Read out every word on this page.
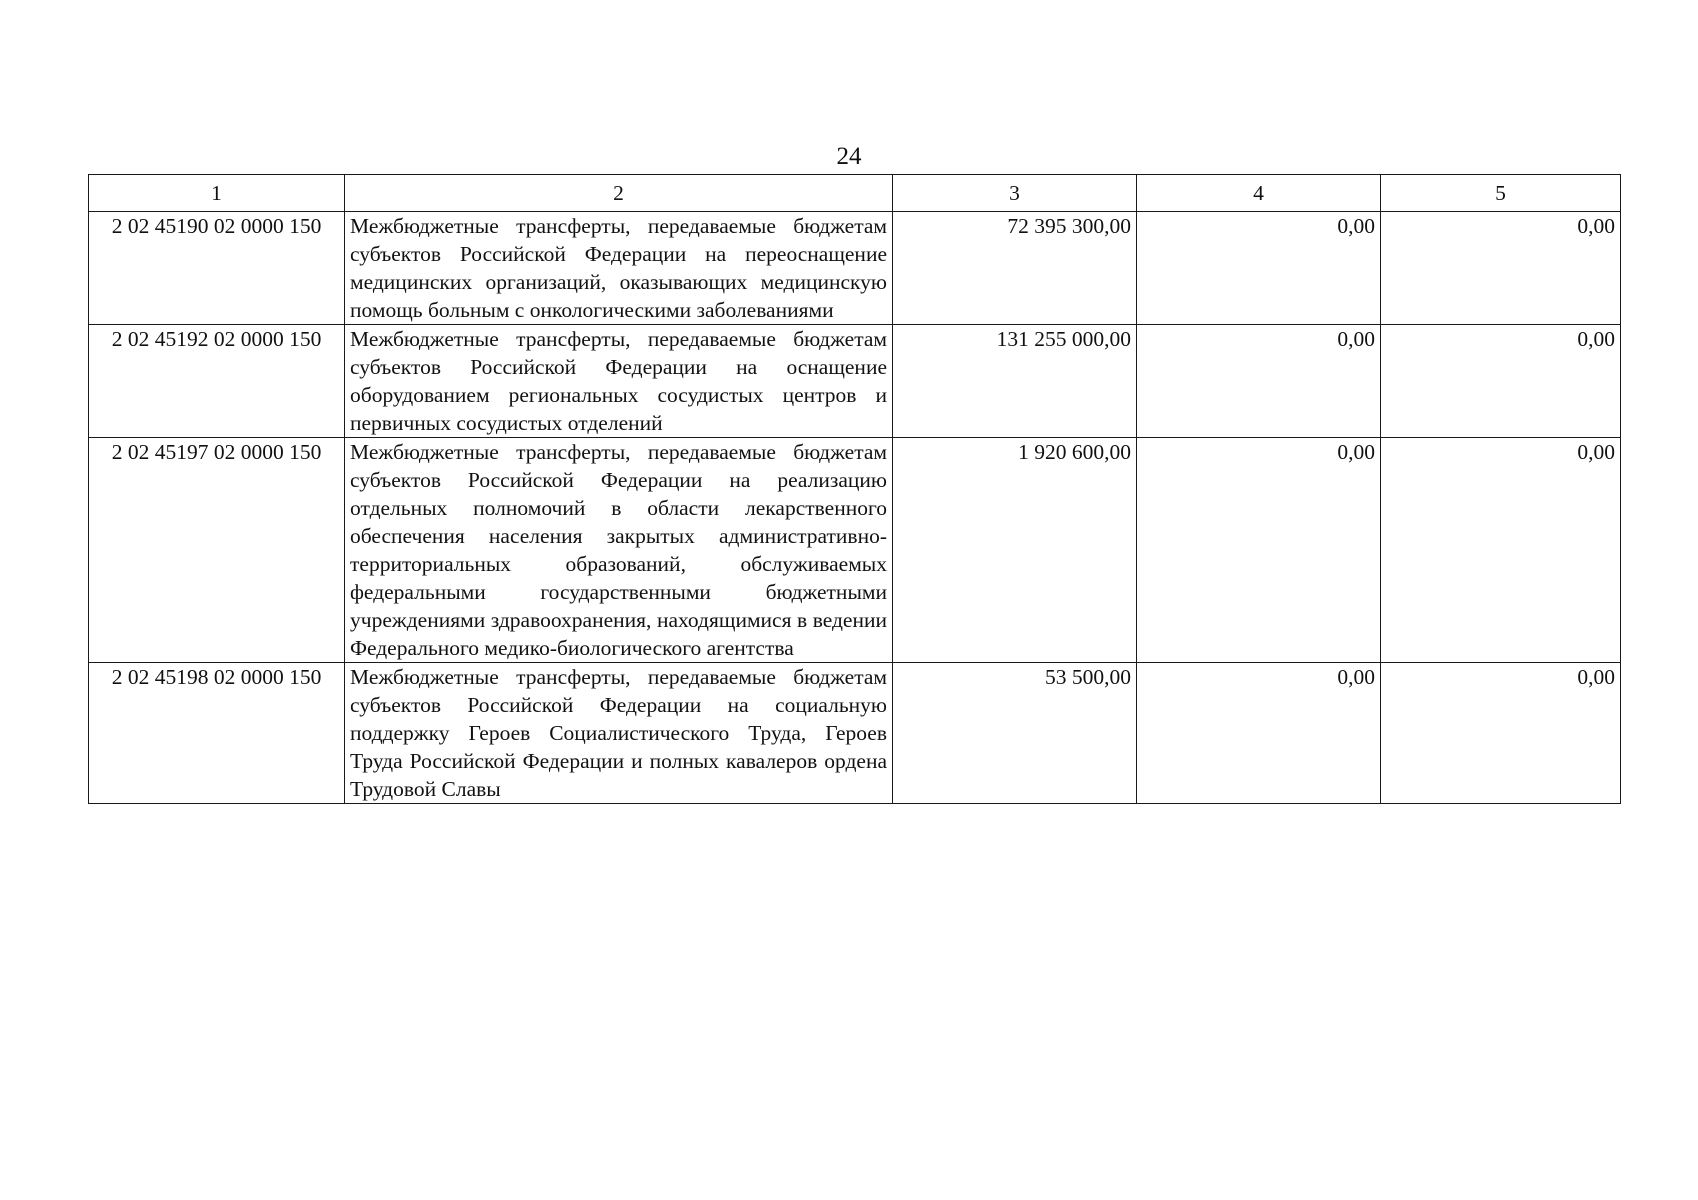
24
1	2	3	4	5
2 02 45190 02 0000 150	Межбюджетные трансферты, передаваемые бюджетам субъектов Российской Федерации на переоснащение медицинских организаций, оказывающих медицинскую помощь больным с онкологическими заболеваниями	72 395 300,00	0,00	0,00
2 02 45192 02 0000 150	Межбюджетные трансферты, передаваемые бюджетам субъектов Российской Федерации на оснащение оборудованием региональных сосудистых центров и первичных сосудистых отделений	131 255 000,00	0,00	0,00
2 02 45197 02 0000 150	Межбюджетные трансферты, передаваемые бюджетам субъектов Российской Федерации на реализацию отдельных полномочий в области лекарственного обеспечения населения закрытых административно-территориальных образований, обслуживаемых федеральными государственными бюджетными учреждениями здравоохранения, находящимися в ведении Федерального медико-биологического агентства	1 920 600,00	0,00	0,00
2 02 45198 02 0000 150	Межбюджетные трансферты, передаваемые бюджетам субъектов Российской Федерации на социальную поддержку Героев Социалистического Труда, Героев Труда Российской Федерации и полных кавалеров ордена Трудовой Славы	53 500,00	0,00	0,00
